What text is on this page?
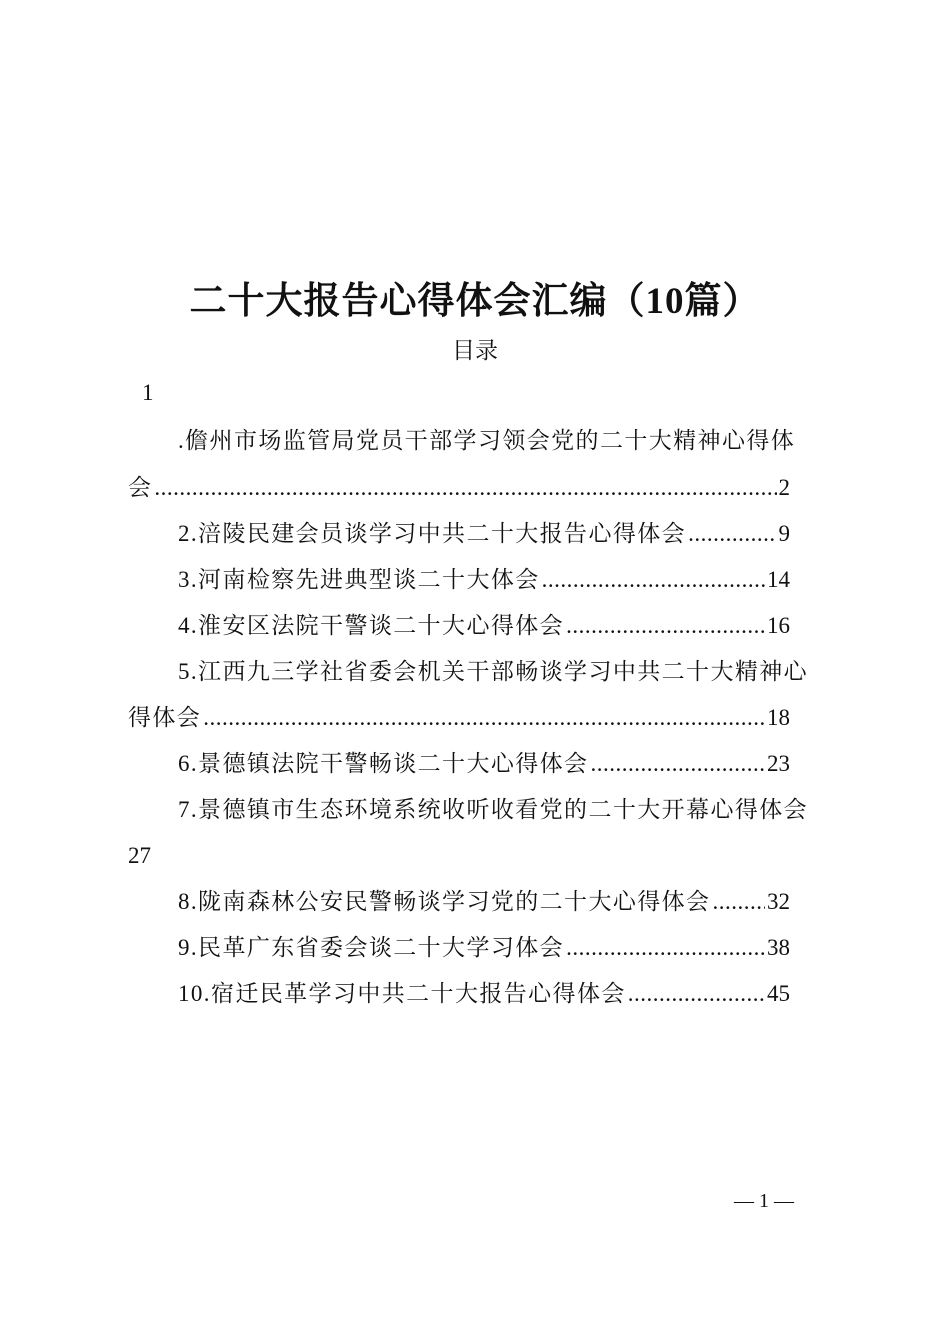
二十大报告心得体会汇编（10篇）
目录
1
.儋州市场监管局党员干部学习领会党的二十大精神心得体
会 .....	2
2.涪陵民建会员谈学习中共二十大报告心得体会 .....	9
3.河南检察先进典型谈二十大体会 .....	14
4.淮安区法院干警谈二十大心得体会 .....	16
5.江西九三学社省委会机关干部畅谈学习中共二十大精神心
得体会 .....	18
6.景德镇法院干警畅谈二十大心得体会 .....	23
7.景德镇市生态环境系统收听收看党的二十大开幕心得体会
27
8.陇南森林公安民警畅谈学习党的二十大心得体会 ..... 32
9.民革广东省委会谈二十大学习体会 .....	38
10.宿迁民革学习中共二十大报告心得体会 .....	45
— 1 —
